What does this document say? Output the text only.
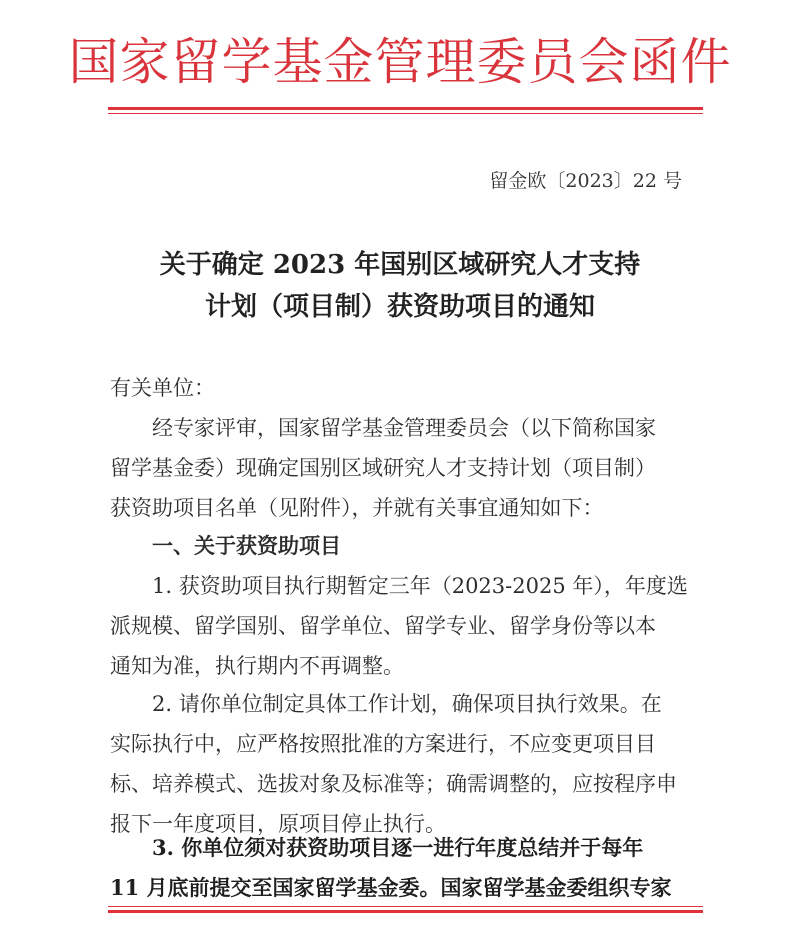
国家留学基金管理委员会函件
留金欧〔2023〕22 号
关于确定 2023 年国别区域研究人才支持
计划（项目制）获资助项目的通知
有关单位：
经专家评审，国家留学基金管理委员会（以下简称国家
留学基金委）现确定国别区域研究人才支持计划（项目制）
获资助项目名单（见附件），并就有关事宜通知如下：
一、关于获资助项目
1. 获资助项目执行期暂定三年（2023-2025 年），年度选
派规模、留学国别、留学单位、留学专业、留学身份等以本
通知为准，执行期内不再调整。
2. 请你单位制定具体工作计划，确保项目执行效果。在
实际执行中，应严格按照批准的方案进行，不应变更项目目
标、培养模式、选拔对象及标准等；确需调整的，应按程序申
报下一年度项目，原项目停止执行。
3. 你单位须对获资助项目逐一进行年度总结并于每年
11 月底前提交至国家留学基金委。国家留学基金委组织专家
